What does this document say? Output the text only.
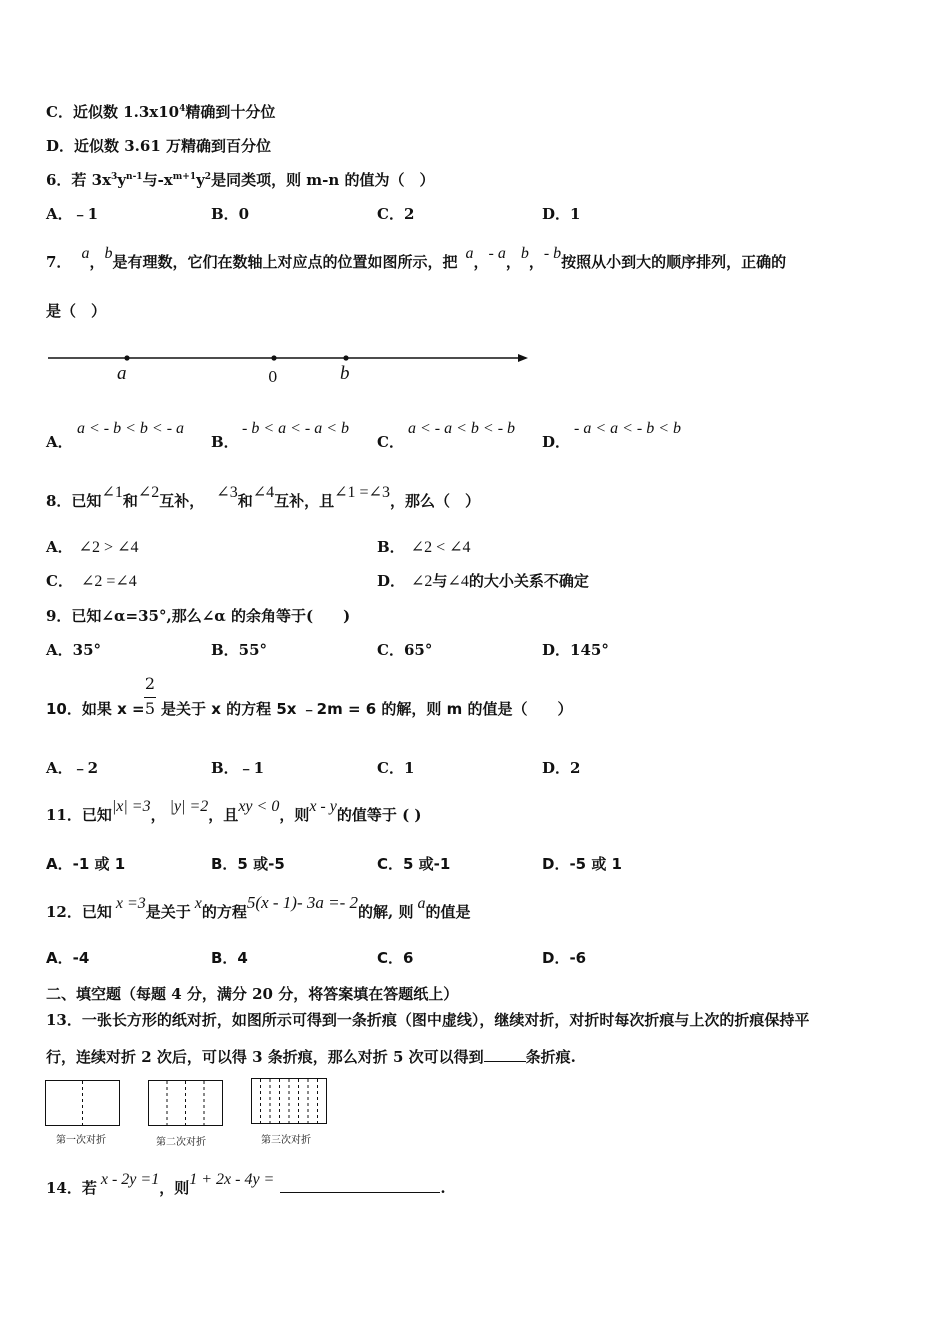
C．近似数 $1.3x10^4$精确到十分位
D．近似数 3.61 万精确到百分位
6．若 $3x^3y^{n-1}$与$-x^{m+1}y^2$是同类项，则 m-n 的值为（　）
A．﹣1	B．0	C．2	D．1
7． a，b是有理数，它们在数轴上对应点的位置如图所示，把 a，- a，b，- b按照从小到大的顺序排列，正确的
是（　）
a	0	b
A．
a < - b < b < - a
B．
- b < a < - a < b
C．
a < - a < b < - b
D．
- a < a < - b < b
8．已知∠1和∠2互补， ∠3和∠4互补，且∠1 =∠3，那么（　）
A． ∠2 > ∠4	B． ∠2 < ∠4
C． ∠2 =∠4	D． ∠2与∠4的大小关系不确定
9．已知∠α=35°,那么∠α 的余角等于(　　)
A．35°	B．55°	C．65°	D．145°
10．如果 x =
2
5 是关于 x 的方程 5x ﹣2m = 6 的解，则 m 的值是（　　）
A．﹣2	B．﹣1	C．1	D．2
11．已知|x| =3， |y| =2，且xy < 0，则x - y的值等于 ( )
A．-1 或 1	B．5 或-5	C．5 或-1	D．-5 或 1
12．已知 x =3是关于 x的方程5(x - 1)- 3a =- 2的解, 则 a的值是
A．-4	B．4	C．6	D．-6
二、填空题（每题 4 分，满分 20 分，将答案填在答题纸上）
13．一张长方形的纸对折，如图所示可得到一条折痕（图中虚线），继续对折，对折时每次折痕与上次的折痕保持平
行，连续对折 2 次后，可以得 3 条折痕，那么对折 5 次可以得到	条折痕.
第一次对折	第二次对折	第三次对折
14．若 x - 2y =1，则1 + 2x - 4y =	.
